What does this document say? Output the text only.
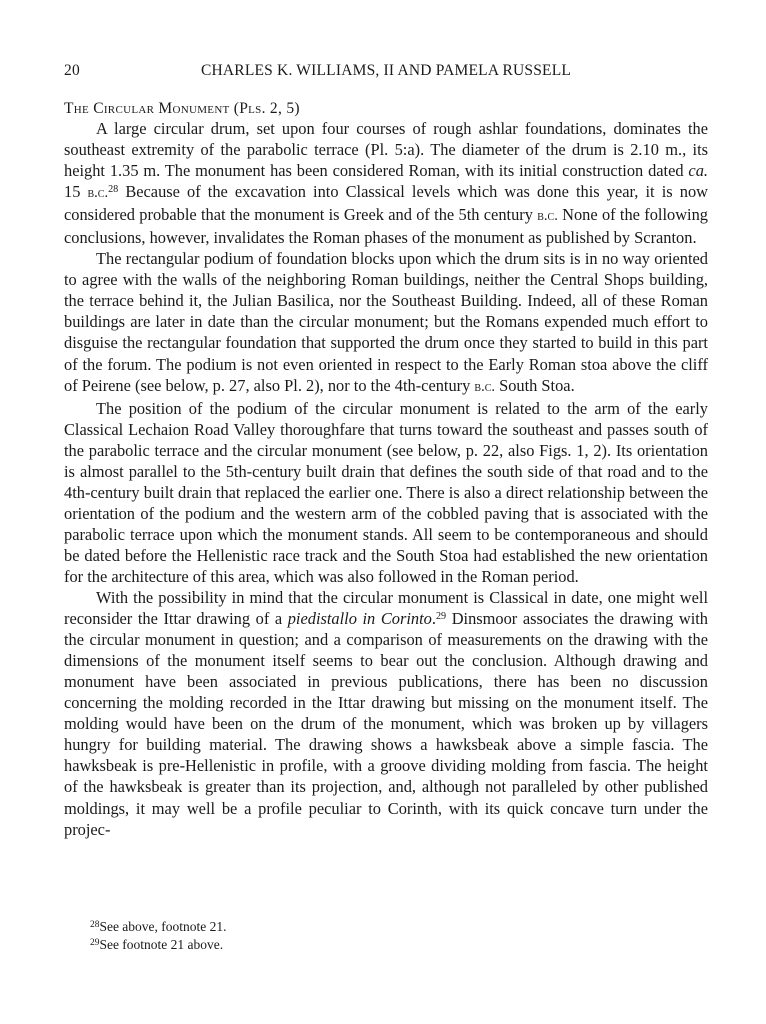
20	CHARLES K. WILLIAMS, II AND PAMELA RUSSELL
The Circular Monument (Pls. 2, 5)

A large circular drum, set upon four courses of rough ashlar foundations, dominates the southeast extremity of the parabolic terrace (Pl. 5:a). The diameter of the drum is 2.10 m., its height 1.35 m. The monument has been considered Roman, with its initial construction dated ca. 15 b.c.$^{28}$ Because of the excavation into Classical levels which was done this year, it is now considered probable that the monument is Greek and of the 5th century b.c. None of the following conclusions, however, invalidates the Roman phases of the monument as published by Scranton.

The rectangular podium of foundation blocks upon which the drum sits is in no way oriented to agree with the walls of the neighboring Roman buildings, neither the Central Shops building, the terrace behind it, the Julian Basilica, nor the Southeast Building. Indeed, all of these Roman buildings are later in date than the circular monument; but the Romans expended much effort to disguise the rectangular foundation that supported the drum once they started to build in this part of the forum. The podium is not even oriented in respect to the Early Roman stoa above the cliff of Peirene (see below, p. 27, also Pl. 2), nor to the 4th-century b.c. South Stoa.

The position of the podium of the circular monument is related to the arm of the early Classical Lechaion Road Valley thoroughfare that turns toward the southeast and passes south of the parabolic terrace and the circular monument (see below, p. 22, also Figs. 1, 2). Its orientation is almost parallel to the 5th-century built drain that defines the south side of that road and to the 4th-century built drain that replaced the earlier one. There is also a direct relationship between the orientation of the podium and the western arm of the cobbled paving that is associated with the parabolic terrace upon which the monument stands. All seem to be contemporaneous and should be dated before the Hellenistic race track and the South Stoa had established the new orientation for the architecture of this area, which was also followed in the Roman period.

With the possibility in mind that the circular monument is Classical in date, one might well reconsider the Ittar drawing of a piedistallo in Corinto.$^{29}$ Dinsmoor associates the drawing with the circular monument in question; and a comparison of measurements on the drawing with the dimensions of the monument itself seems to bear out the conclusion. Although drawing and monument have been associated in previous publications, there has been no discussion concerning the molding recorded in the Ittar drawing but missing on the monument itself. The molding would have been on the drum of the monument, which was broken up by villagers hungry for building material. The drawing shows a hawksbeak above a simple fascia. The hawksbeak is pre-Hellenistic in profile, with a groove dividing molding from fascia. The height of the hawksbeak is greater than its projection, and, although not paralleled by other published moldings, it may well be a profile peculiar to Corinth, with its quick concave turn under the projec-

$^{28}$See above, footnote 21.
$^{29}$See footnote 21 above.
